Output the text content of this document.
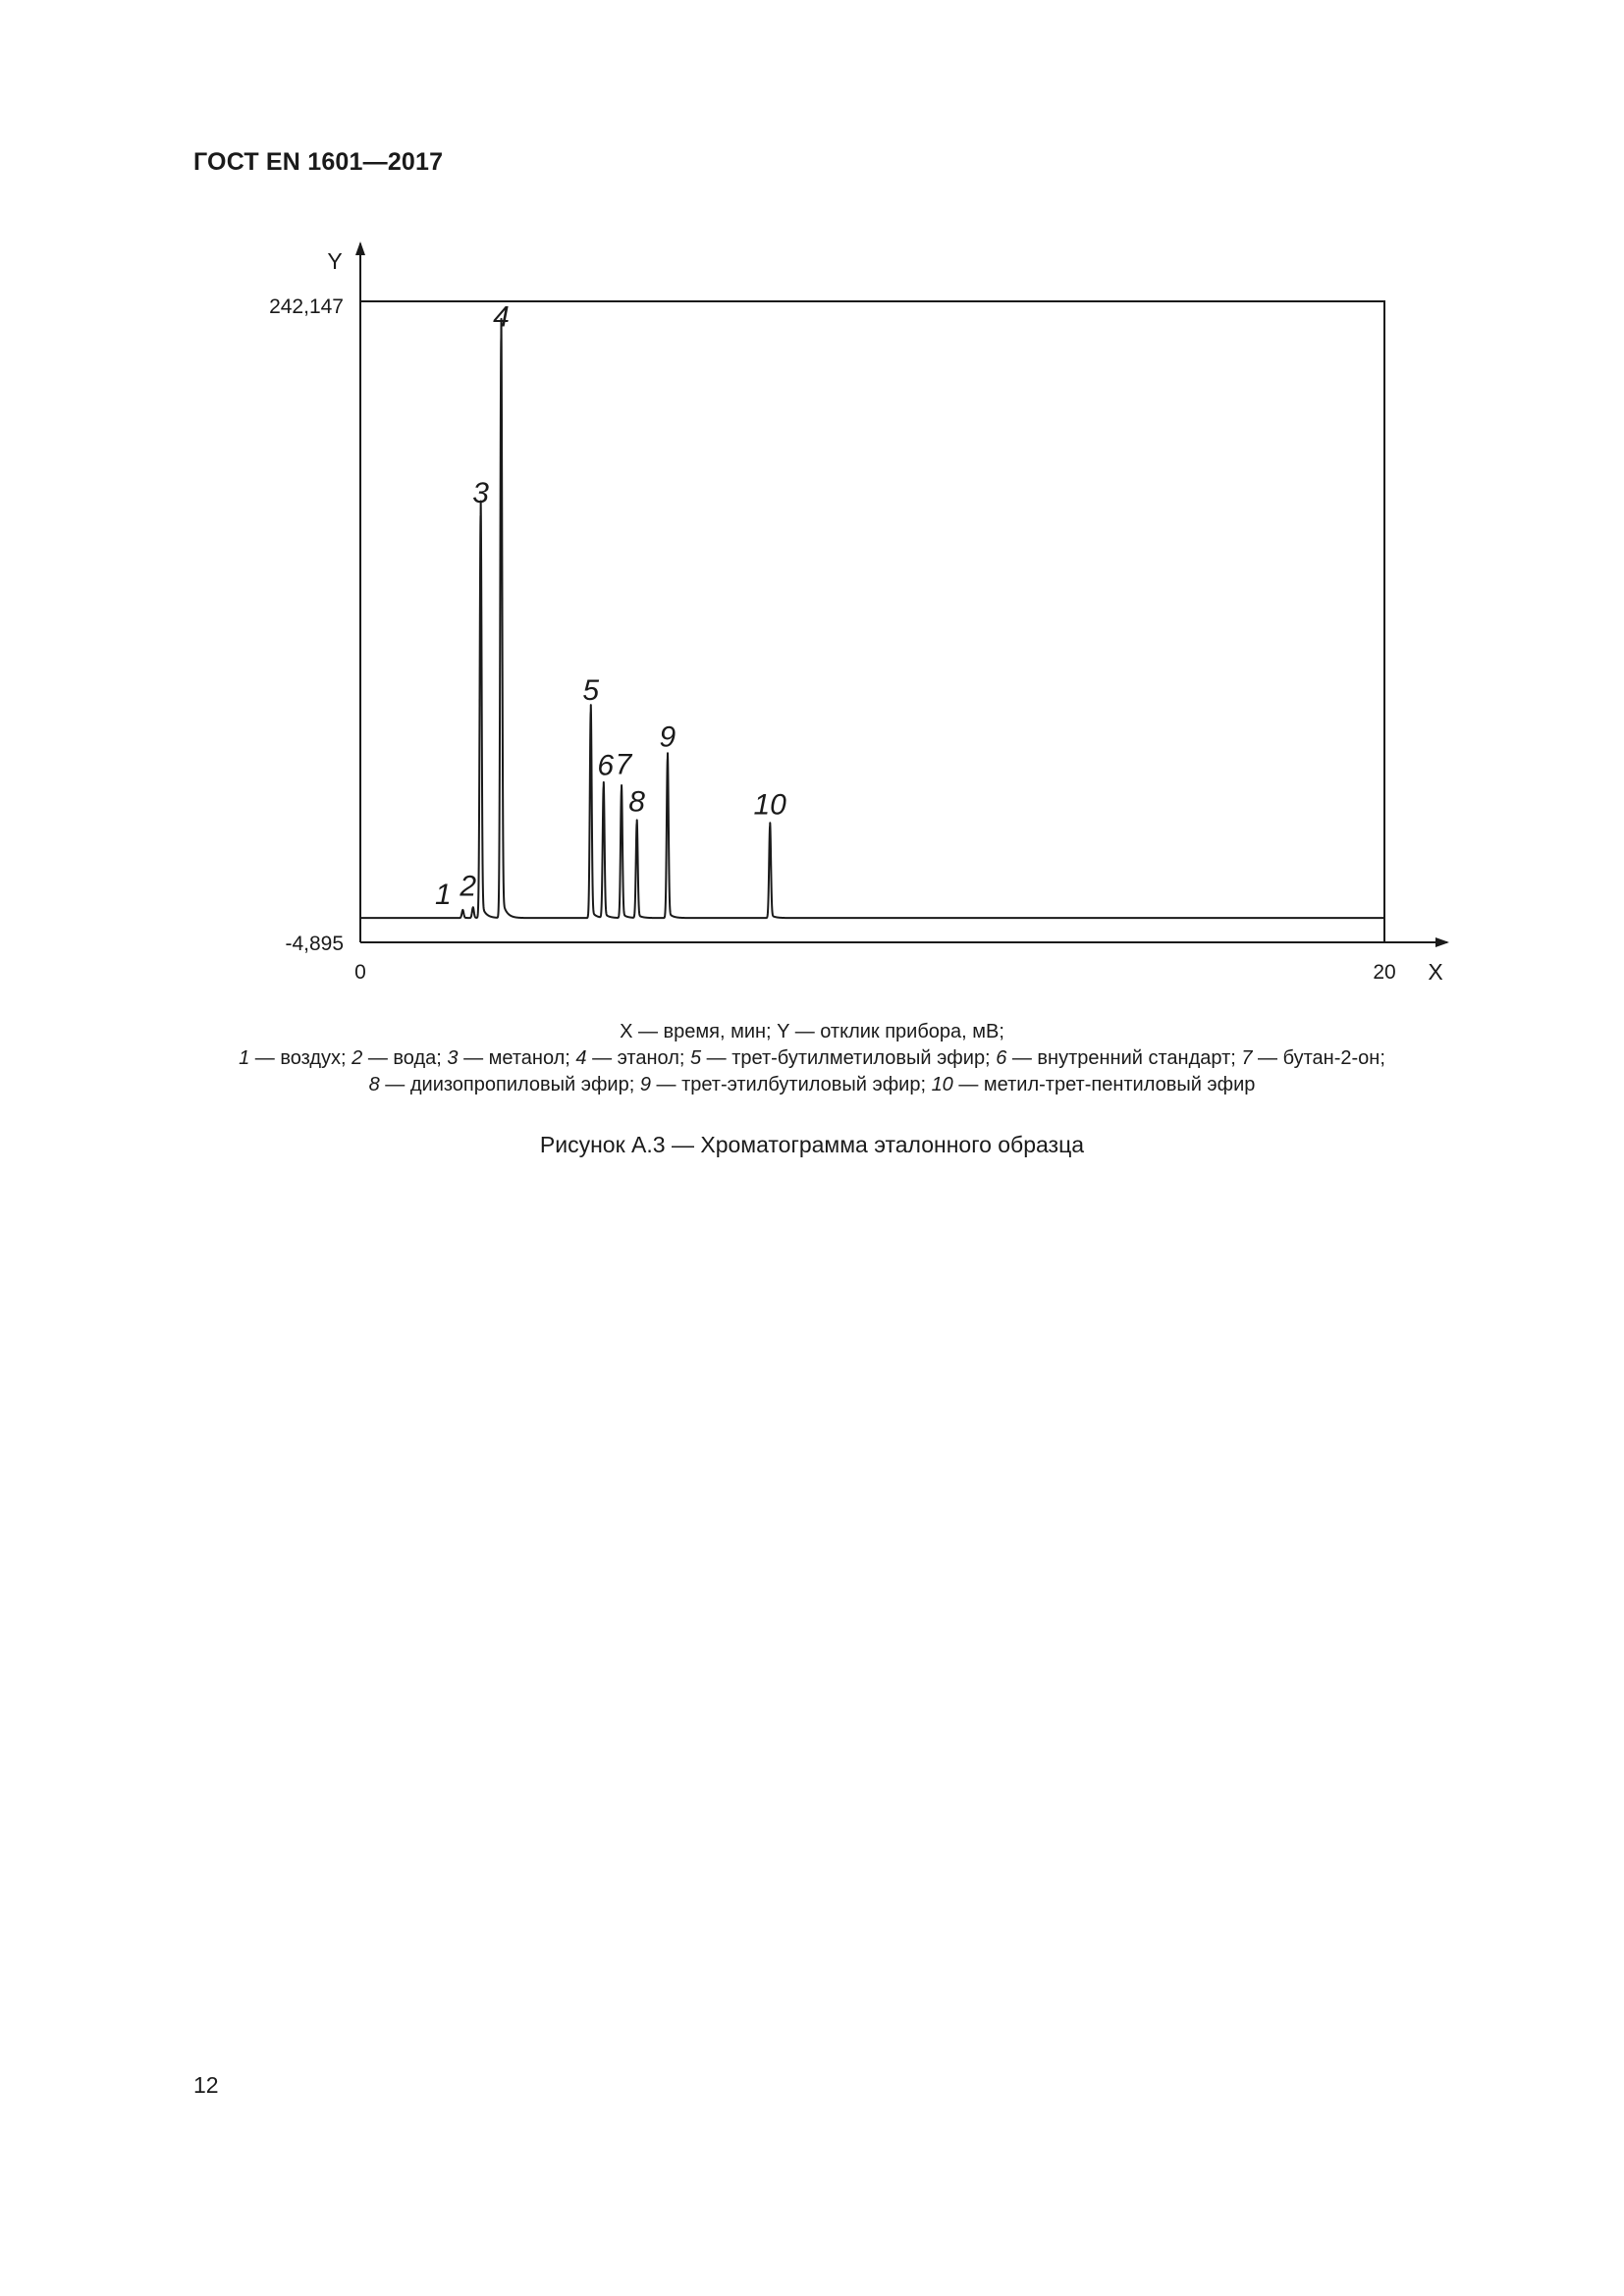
ГОСТ EN 1601—2017
Y
X
242,147
-4,895
0	20
1 2
3
4
5
6 7
8
9
10
X — время, мин; Y — отклик прибора, мВ;
1 — воздух; 2 — вода; 3 — метанол; 4 — этанол; 5 — трет-бутилметиловый эфир; 6 — внутренний стандарт; 7 — бутан-2-он;
8 — диизопропиловый эфир; 9 — трет-этилбутиловый эфир; 10 — метил-трет-пентиловый эфир
Рисунок А.3 — Хроматограмма эталонного образца
12
